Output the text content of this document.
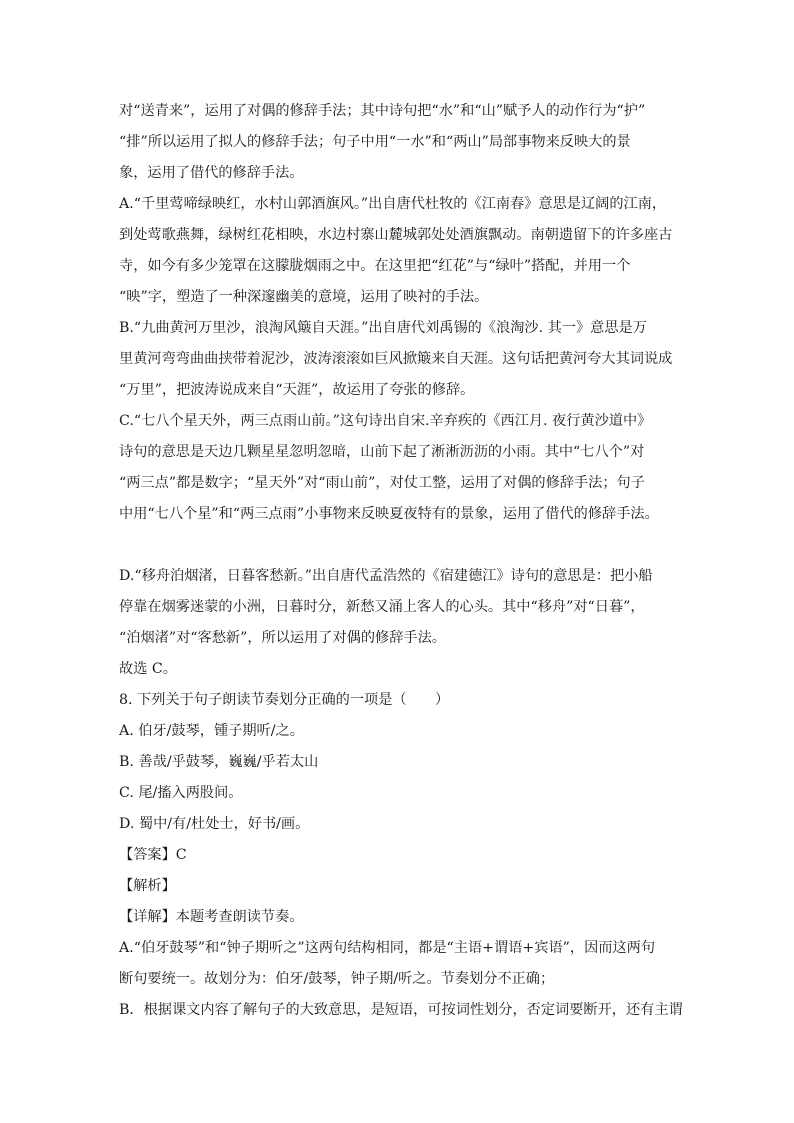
对“送青来”，运用了对偶的修辞手法；其中诗句把“水”和“山”赋予人的动作行为“护”
“排”所以运用了拟人的修辞手法；句子中用“一水”和“两山”局部事物来反映大的景
象，运用了借代的修辞手法。
A.“千里莺啼绿映红，水村山郭酒旗风。”出自唐代杜牧的《江南春》意思是辽阔的江南，
到处莺歌燕舞，绿树红花相映，水边村寨山麓城郭处处酒旗飘动。南朝遗留下的许多座古
寺，如今有多少笼罩在这朦胧烟雨之中。在这里把“红花”与“绿叶”搭配，并用一个
“映”字，塑造了一种深邃幽美的意境，运用了映衬的手法。
B.“九曲黄河万里沙，浪淘风簸自天涯。”出自唐代刘禹锡的《浪淘沙. 其一》意思是万
里黄河弯弯曲曲挟带着泥沙，波涛滚滚如巨风掀簸来自天涯。这句话把黄河夸大其词说成
“万里”，把波涛说成来自“天涯”，故运用了夸张的修辞。
C.“七八个星天外，两三点雨山前。”这句诗出自宋.辛弃疾的《西江月. 夜行黄沙道中》
诗句的意思是天边几颗星星忽明忽暗，山前下起了淅淅沥沥的小雨。其中“七八个”对
“两三点”都是数字；“星天外”对“雨山前”，对仗工整，运用了对偶的修辞手法；句子
中用“七八个星”和“两三点雨”小事物来反映夏夜特有的景象，运用了借代的修辞手法。
D.“移舟泊烟渚，日暮客愁新。”出自唐代孟浩然的《宿建德江》诗句的意思是：把小船
停靠在烟雾迷蒙的小洲，日暮时分，新愁又涌上客人的心头。其中“移舟”对“日暮”，
“泊烟渚”对“客愁新”，所以运用了对偶的修辞手法。
故选 C。
8. 下列关于句子朗读节奏划分正确的一项是（　　）
A. 伯牙/鼓琴，锺子期听/之。
B. 善哉/乎鼓琴，巍巍/乎若太山
C. 尾/搐入两股间。
D. 蜀中/有/杜处士，好书/画。
【答案】C
【解析】
【详解】本题考查朗读节奏。
A.“伯牙鼓琴”和“钟子期听之”这两句结构相同，都是“主语+谓语+宾语”，因而这两句
断句要统一。故划分为：伯牙/鼓琴，钟子期/听之。节奏划分不正确；
B．根据课文内容了解句子的大致意思，是短语，可按词性划分，否定词要断开，还有主谓
